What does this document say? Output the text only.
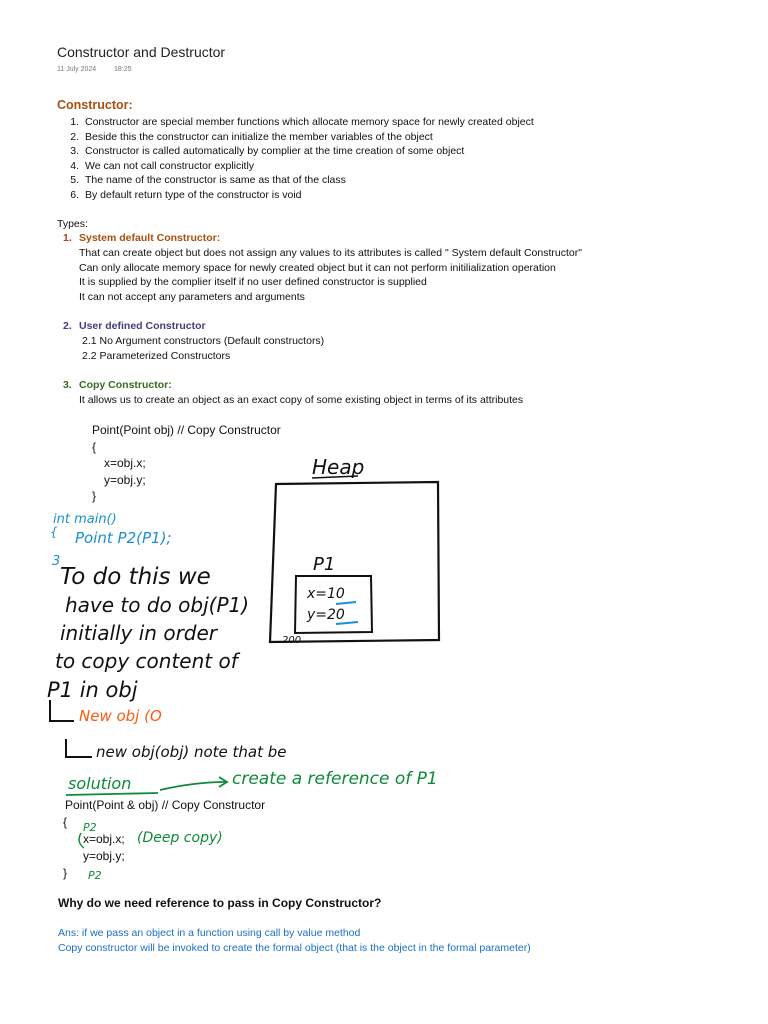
Constructor and Destructor
11 July 2024	18:25
Constructor:
1. Constructor are special member functions which allocate memory space for newly created object
2. Beside this the constructor can initialize the member variables of the object
3. Constructor is called automatically by complier at the time creation of some object
4. We can not call constructor explicitly
5. The name of the constructor is same as that of the class
6. By default return type of the constructor is void
Types:
1. System default Constructor:
That can create object but does not assign any values to its attributes is called " System default Constructor"
Can only allocate memory space for newly created object but it can not perform initilialization operation
It is supplied by the complier itself if no user defined constructor is supplied
It can not accept any parameters and arguments
2. User defined Constructor
2.1 No Argument constructors (Default constructors)
2.2 Parameterized Constructors
3. Copy Constructor:
It allows us to create an object as an exact copy of some existing object in terms of its attributes
Point(Point obj) // Copy Constructor
{
x=obj.x;
y=obj.y;
}
Point(Point & obj) // Copy Constructor
{
x=obj.x;
y=obj.y;
}
Heap
P1
x=10
y=20
200
int main()
{ Point P2(P1);
3
To do this we
have to do obj(P1)
initially in order
to copy content of
P1 in obj
New obj (O
new obj(obj) note that be
solution	create a reference of P1
P2
P2
(Deep copy)
Why do we need reference to pass in Copy Constructor?
Ans: if we pass an object in a function using call by value method
Copy constructor will be invoked to create the formal object (that is the object in the formal parameter)
